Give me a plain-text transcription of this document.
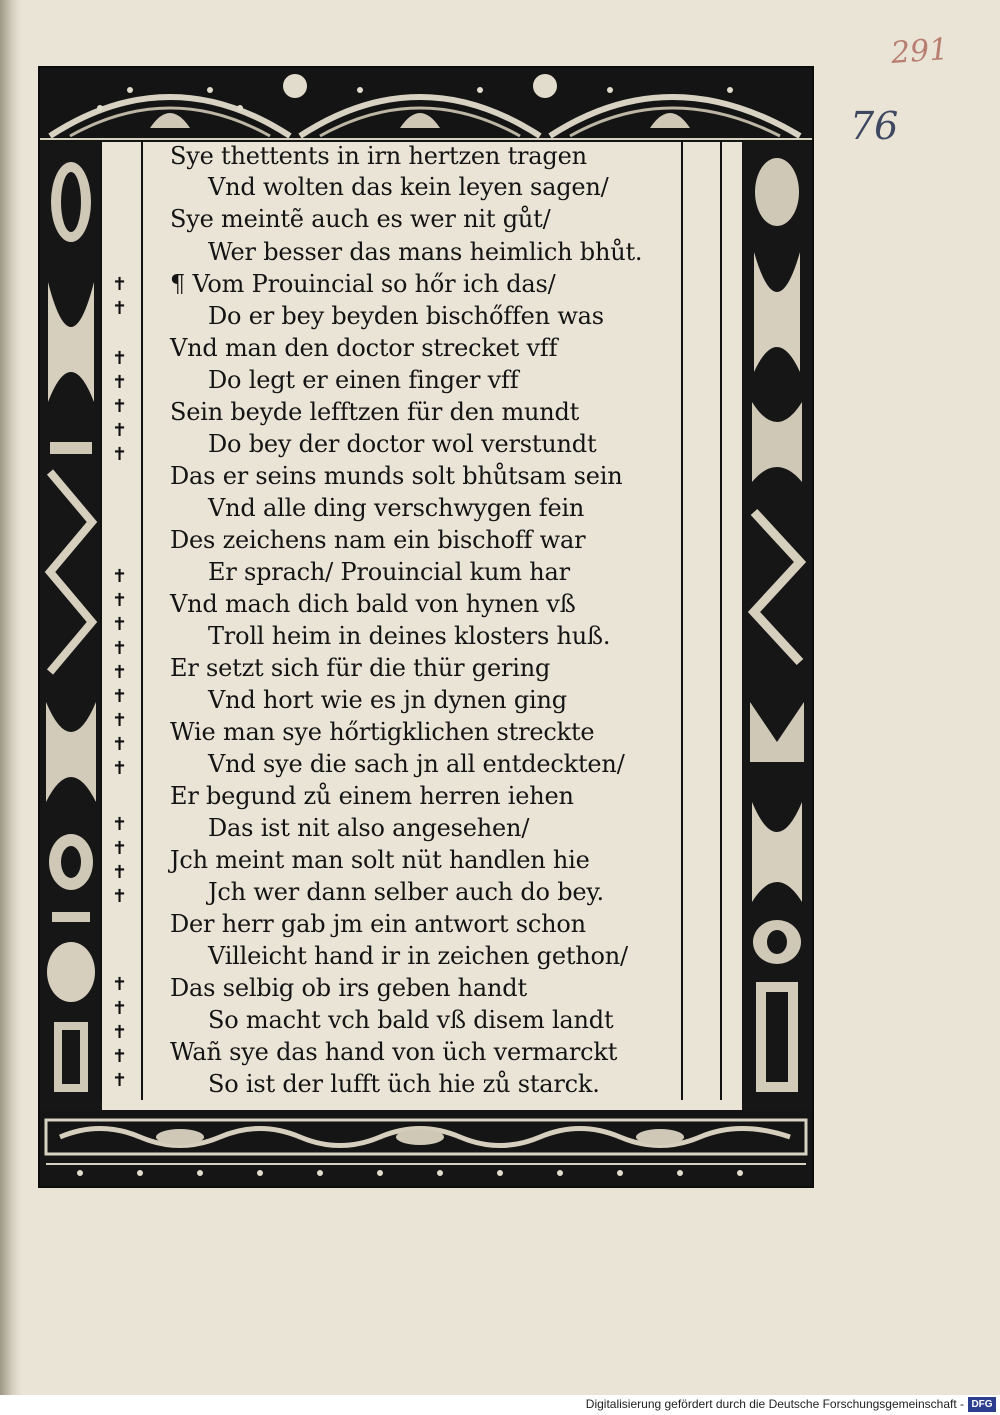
291
76
✝
✝
✝
✝
✝
✝
✝
✝
✝
✝
✝
✝
✝
✝
✝
✝
✝
✝
✝
✝
✝
✝
✝
✝
✝
Sye thettents in irn hertzen tragen
Vnd wolten das kein leyen sagen/
Sye meintẽ auch es wer nit gůt/
Wer besser das mans heimlich bhůt.
¶ Vom Prouincial so hőr ich das/
Do er bey beyden bischőffen was
Vnd man den doctor strecket vff
Do legt er einen finger vff
Sein beyde lefftzen für den mundt
Do bey der doctor wol verstundt
Das er seins munds solt bhůtsam sein
Vnd alle ding verschwygen fein
Des zeichens nam ein bischoff war
Er sprach/ Prouincial kum har
Vnd mach dich bald von hynen vß
Troll heim in deines klosters huß.
Er setzt sich für die thür gering
Vnd hort wie es jn dynen ging
Wie man sye hőrtigklichen streckte
Vnd sye die sach jn all entdeckten/
Er begund zů einem herren iehen
Das ist nit also angesehen/
Jch meint man solt nüt handlen hie
Jch wer dann selber auch do bey.
Der herr gab jm ein antwort schon
Villeicht hand ir in zeichen gethon/
Das selbig ob irs geben handt
So macht vch bald vß disem landt
Wañ sye das hand von üch vermarckt
So ist der lufft üch hie zů starck.
Digitalisierung gefördert durch die Deutsche Forschungsgemeinschaft - DFG
